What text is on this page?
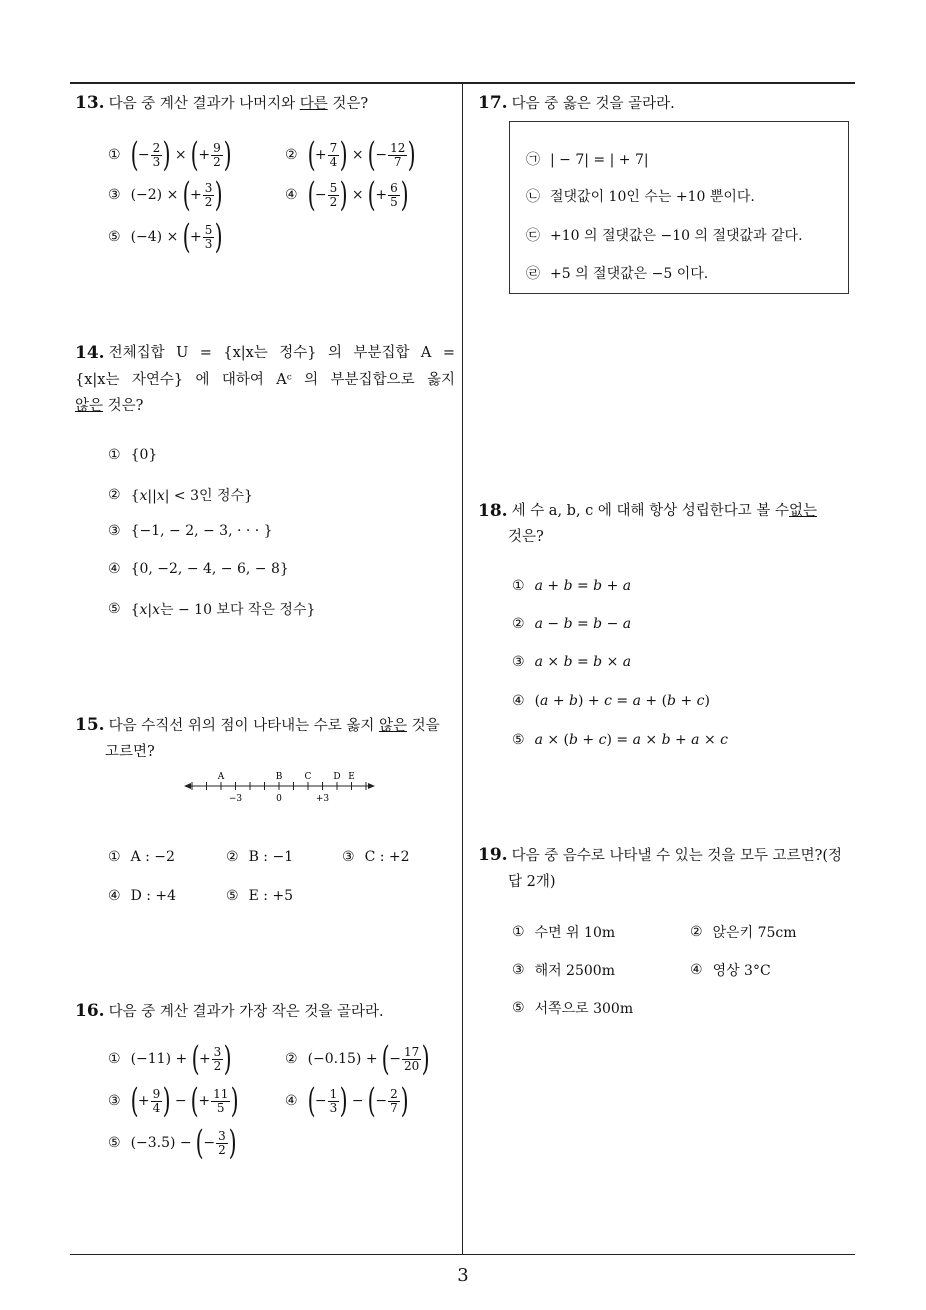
3
13. 다음 중 계산 결과가 나머지와 다른 것은?
① ( − $\frac{2}{3}$ ) × ( + $\frac{9}{2}$ )	② ( + $\frac{7}{4}$ ) × ( − $\frac{12}{7}$ )
③ (−2) × ( + $\frac{3}{2}$ )	④ ( − $\frac{5}{2}$ ) × ( + $\frac{6}{5}$ )
⑤ (−4) × ( + $\frac{5}{3}$ )
14. 전체집합 U = {x|x는 정수} 의 부분집합 A =
{x|x는 자연수} 에 대하여 Aᶜ 의 부분집합으로 옳지
않은 것은?
① {0}
② {x||x| < 3인 정수}
③ {−1, − 2, − 3, · · · }
④ {0, −2, − 4, − 6, − 8}
⑤ {x|x는 − 10 보다 작은 정수}
15. 다음 수직선 위의 점이 나타내는 수로 옳지 않은 것을
고르면?
A	B C D E
−3	0	+3
① A : −2	② B : −1	③ C : +2
④ D : +4	⑤ E : +5
16. 다음 중 계산 결과가 가장 작은 것을 골라라.
① (−11) + ( + $\frac{3}{2}$ )	② (−0.15) + ( − $\frac{17}{20}$ )
③ ( + $\frac{9}{4}$ ) − ( + $\frac{11}{5}$ )	④ ( − $\frac{1}{3}$ ) − ( − $\frac{2}{7}$ )
⑤ (−3.5) − ( − $\frac{3}{2}$ )
17. 다음 중 옳은 것을 골라라.
㉠ | − 7| = | + 7|
㉡ 절댓값이 10인 수는 +10 뿐이다.
㉢ +10 의 절댓값은 −10 의 절댓값과 같다.
㉣ +5 의 절댓값은 −5 이다.
18. 세 수 a, b, c 에 대해 항상 성립한다고 볼 수 없는
것은?
① a + b = b + a
② a − b = b − a
③ a × b = b × a
④ (a + b) + c = a + (b + c)
⑤ a × (b + c) = a × b + a × c
19. 다음 중 음수로 나타낼 수 있는 것을 모두 고르면?(정
답 2개)
① 수면 위 10m	② 앉은키 75cm
③ 해저 2500m	④ 영상 3°C
⑤ 서쪽으로 300m
